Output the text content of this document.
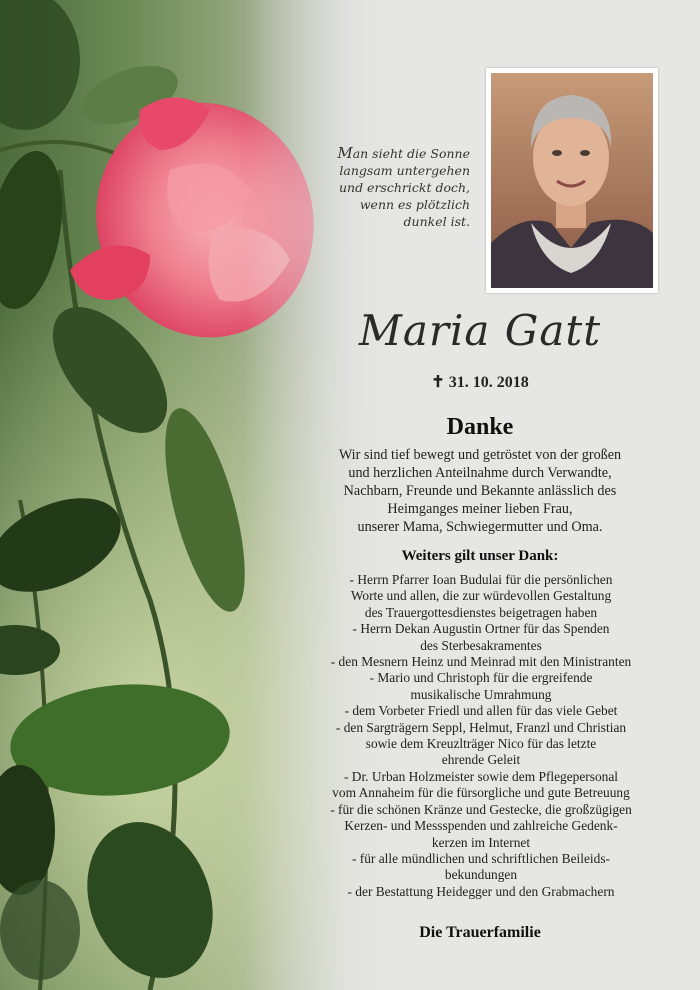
Man sieht die Sonne
langsam untergehen
und erschrickt doch,
wenn es plötzlich
dunkel ist.
Maria Gatt
✝ 31. 10. 2018
Danke
Wir sind tief bewegt und getröstet von der großen
und herzlichen Anteilnahme durch Verwandte,
Nachbarn, Freunde und Bekannte anlässlich des
Heimganges meiner lieben Frau,
unserer Mama, Schwiegermutter und Oma.
Weiters gilt unser Dank:
- Herrn Pfarrer Ioan Budulai für die persönlichen
Worte und allen, die zur würdevollen Gestaltung
des Trauergottesdienstes beigetragen haben
- Herrn Dekan Augustin Ortner für das Spenden
des Sterbesakramentes
- den Mesnern Heinz und Meinrad mit den Ministranten
- Mario und Christoph für die ergreifende
musikalische Umrahmung
- dem Vorbeter Friedl und allen für das viele Gebet
- den Sargträgern Seppl, Helmut, Franzl und Christian
sowie dem Kreuzlträger Nico für das letzte
ehrende Geleit
- Dr. Urban Holzmeister sowie dem Pflegepersonal
vom Annaheim für die fürsorgliche und gute Betreuung
- für die schönen Kränze und Gestecke, die großzügigen
Kerzen- und Messspenden und zahlreiche Gedenk-
kerzen im Internet
- für alle mündlichen und schriftlichen Beileids-
bekundungen
- der Bestattung Heidegger und den Grabmachern
Die Trauerfamilie
